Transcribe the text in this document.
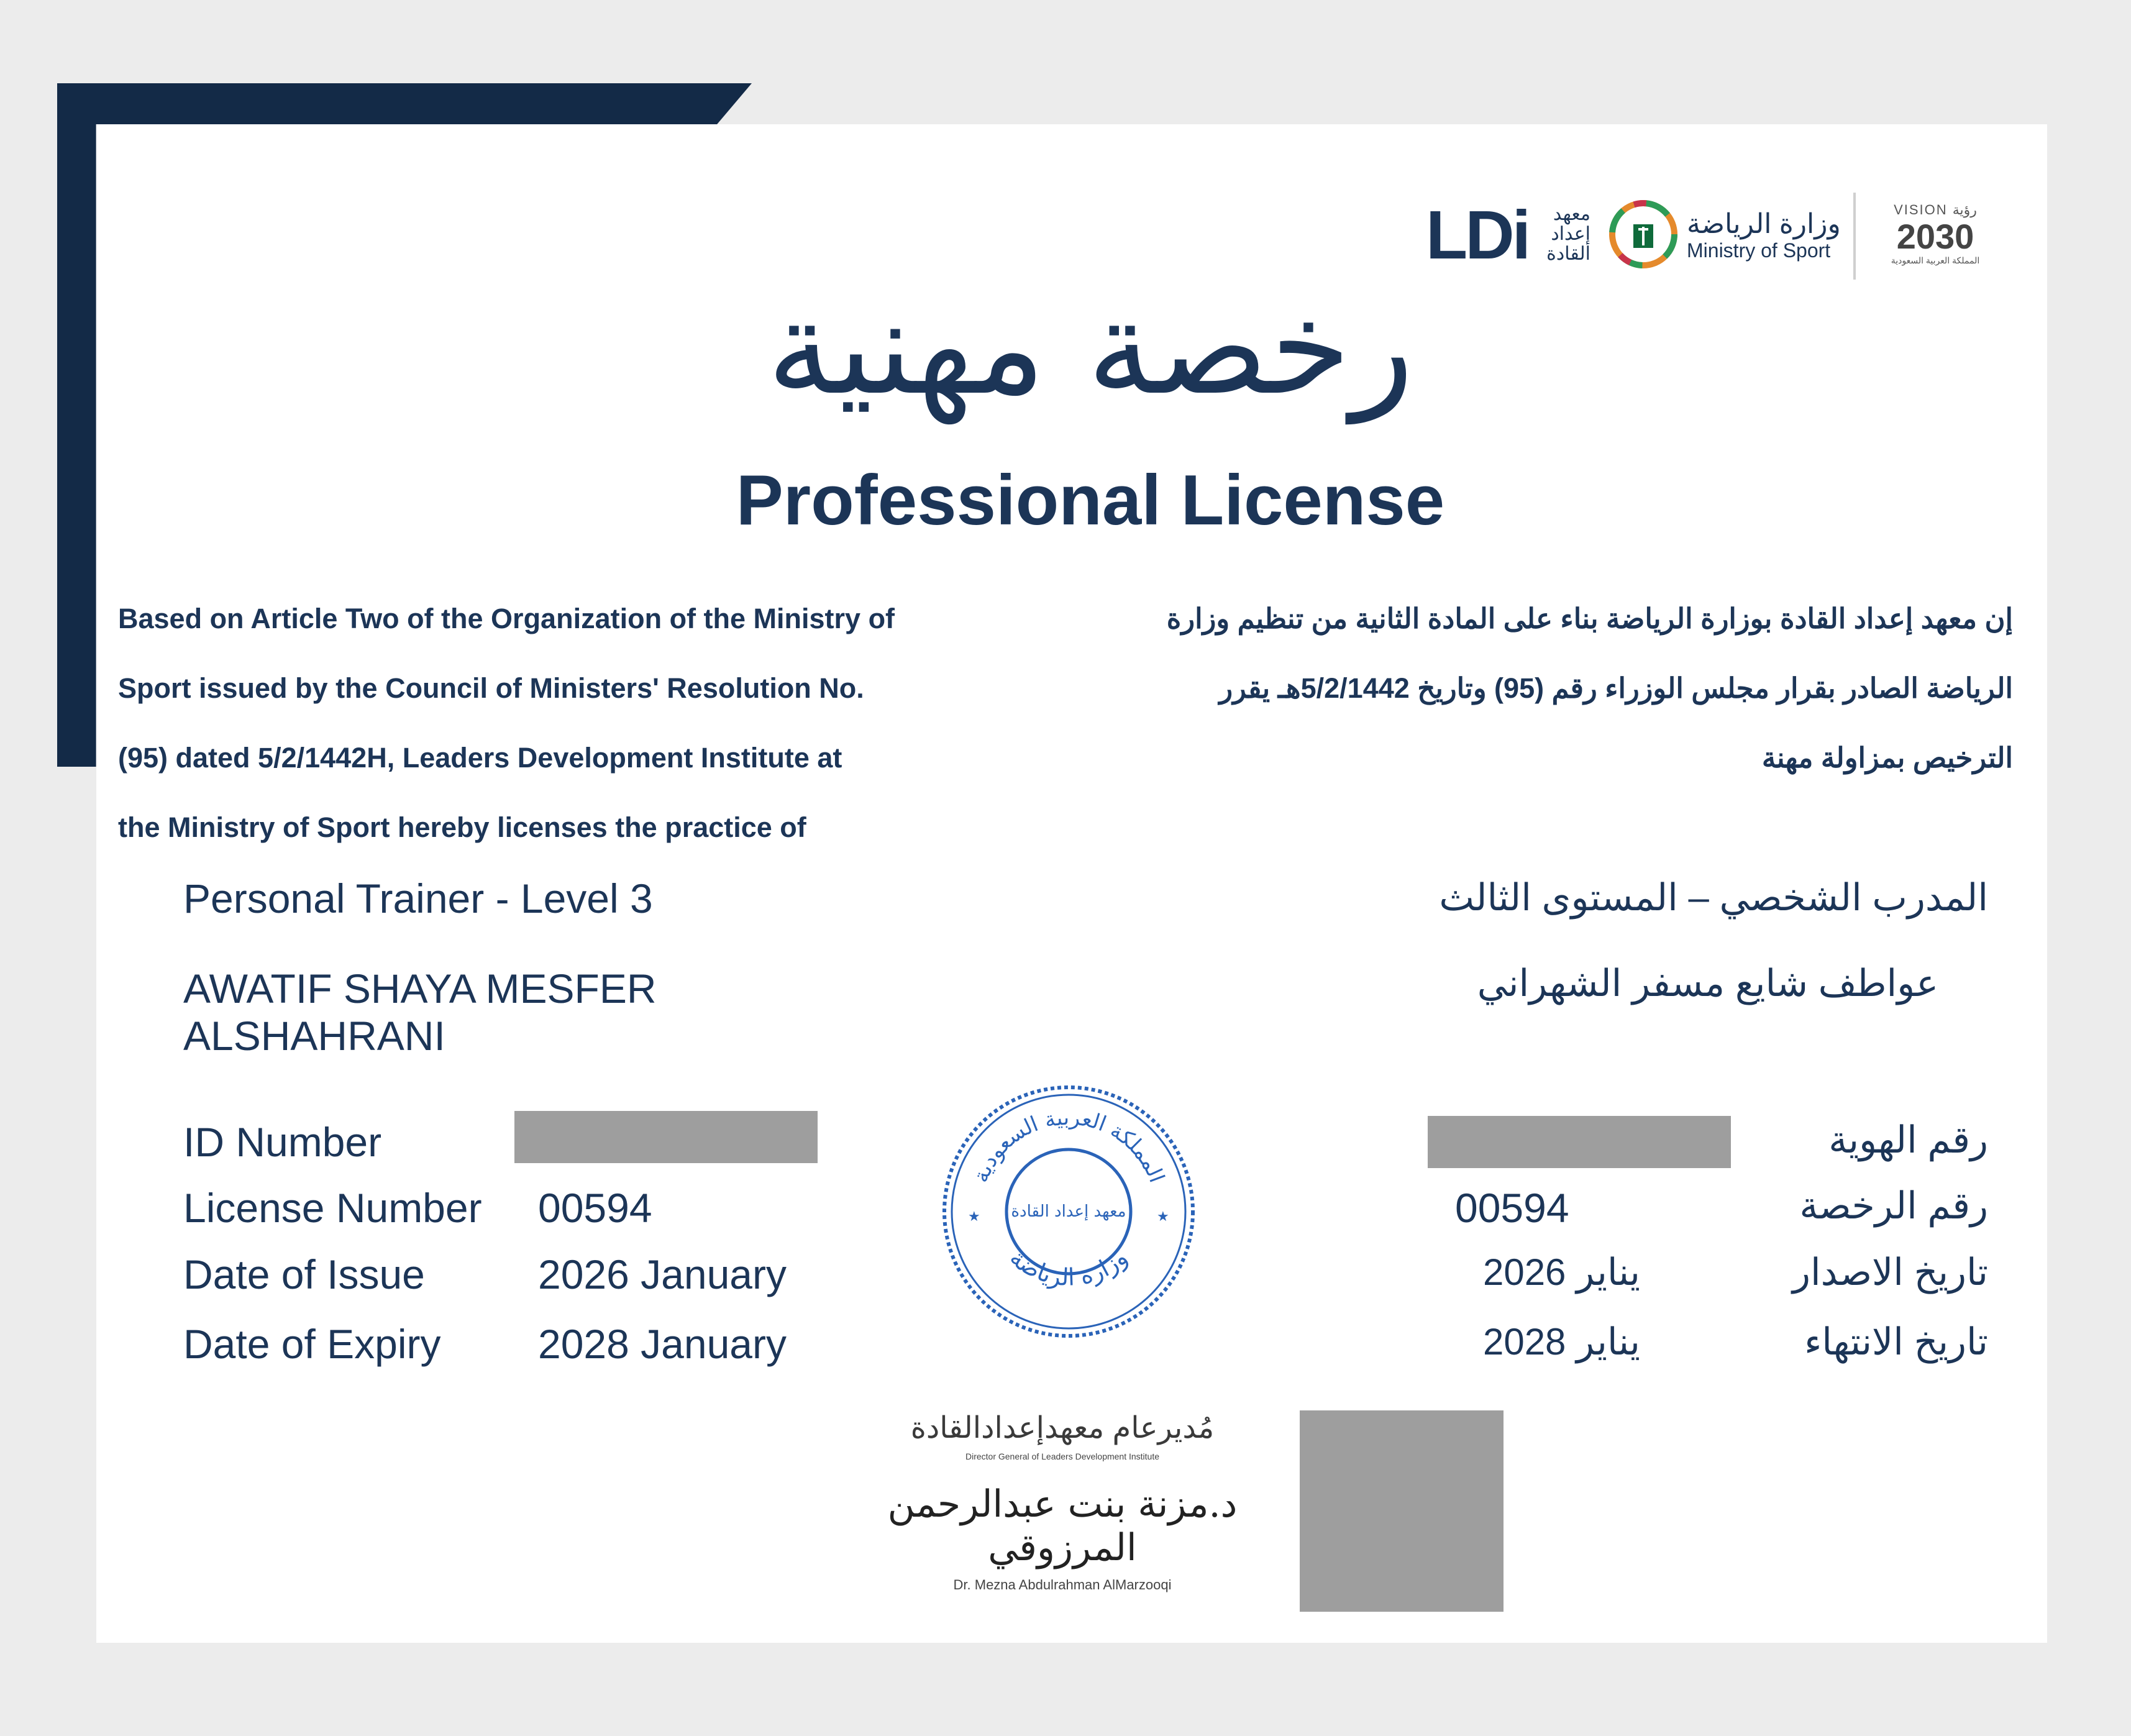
LDi	معهد إعداد القادة
وزارة الرياضة
Ministry of Sport
VISION رؤية
2030
المملكة العربية السعودية
رخصة مهنية
Professional License
Based on Article Two of the Organization of the Ministry of
Sport issued by the Council of Ministers' Resolution No.
(95) dated 5/2/1442H, Leaders Development Institute at
the Ministry of Sport hereby licenses the practice of
إن معهد إعداد القادة بوزارة الرياضة بناء على المادة الثانية من تنظيم وزارة
الرياضة الصادر بقرار مجلس الوزراء رقم (95) وتاريخ 5/2/1442هـ يقرر
الترخيص بمزاولة مهنة
Personal Trainer - Level 3	المدرب الشخصي – المستوى الثالث
AWATIF SHAYA MESFER
ALSHAHRANI
عواطف شايع مسفر الشهراني
ID Number
License Number 00594
Date of Issue	2026 January
Date of Expiry 2028 January
رقم الهوية
00594	رقم الرخصة
يناير 2026	تاريخ الاصدار
يناير 2028	تاريخ الانتهاء
المملكة العربية السعودية
وزارة الرياضة
معهد إعداد القادة
★	★
مُديرعام معهدإعدادالقادة
Director General of Leaders Development Institute
د.مزنة بنت عبدالرحمن المرزوقي
Dr. Mezna Abdulrahman AlMarzooqi
